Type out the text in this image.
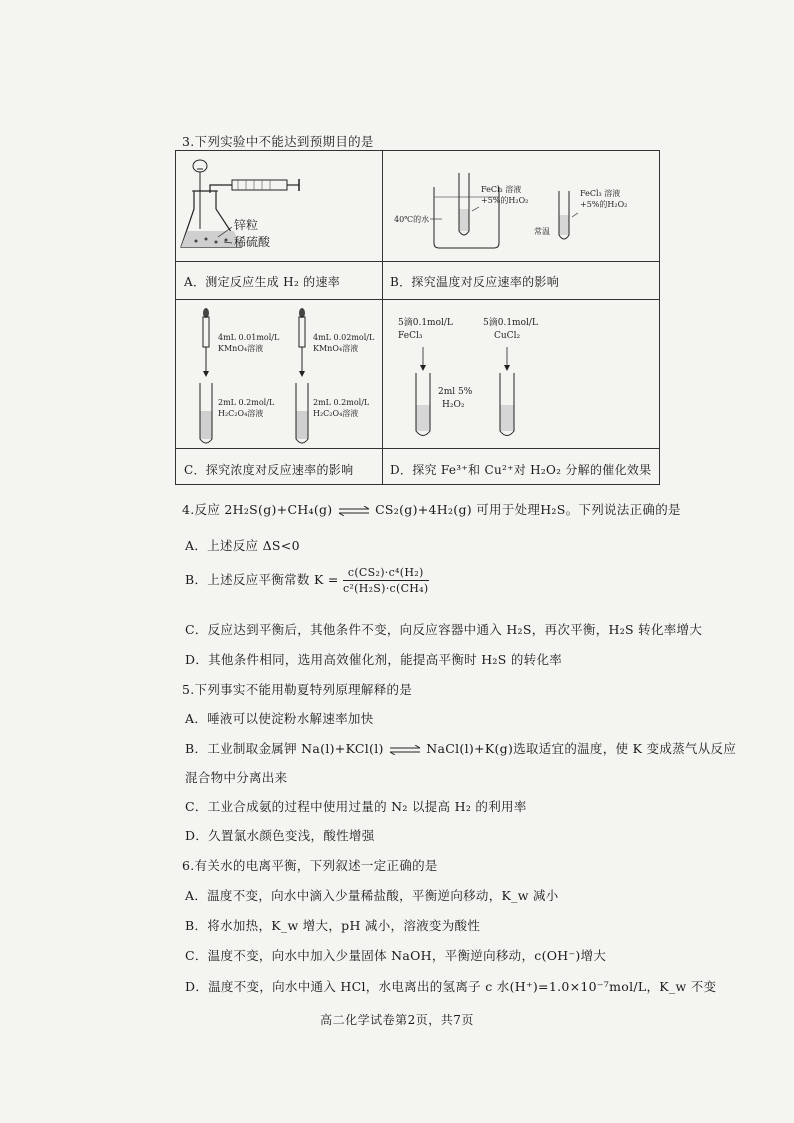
3.下列实验中不能达到预期目的是
锌粒
稀硫酸
40℃的水
FeCl₃ 溶液
+5%的H₂O₂
常温
FeCl₃ 溶液
+5%的H₂O₂
A．测定反应生成 H₂ 的速率	B．探究温度对反应速率的影响
4mL 0.01mol/L
KMnO₄溶液
2mL 0.2mol/L
H₂C₂O₄溶液
4mL 0.02mol/L
KMnO₄溶液
2mL 0.2mol/L
H₂C₂O₄溶液
5滴0.1mol/L
FeCl₃
5滴0.1mol/L
CuCl₂
2ml 5%
H₂O₂
C．探究浓度对反应速率的影响	D．探究 Fe³⁺和 Cu²⁺对 H₂O₂ 分解的催化效果
4.反应 2H₂S(g)+CH₄(g) ⇌ CS₂(g)+4H₂(g) 可用于处理H₂S。下列说法正确的是
A．上述反应 ΔS<0
B．上述反应平衡常数 $K = \frac{\text{c(CS₂)·c⁴(H₂)}}{\text{c²(H₂S)·c(CH₄)}}$
C．反应达到平衡后，其他条件不变，向反应容器中通入 H₂S，再次平衡，H₂S 转化率增大
D．其他条件相同，选用高效催化剂，能提高平衡时 H₂S 的转化率
5.下列事实不能用勒夏特列原理解释的是
A．唾液可以使淀粉水解速率加快
B．工业制取金属钾 Na(l)+KCl(l) ⇌ NaCl(l)+K(g)选取适宜的温度，使 K 变成蒸气从反应
混合物中分离出来
C．工业合成氨的过程中使用过量的 N₂ 以提高 H₂ 的利用率
D．久置氯水颜色变浅，酸性增强
6.有关水的电离平衡，下列叙述一定正确的是
A．温度不变，向水中滴入少量稀盐酸，平衡逆向移动，K_w 减小
B．将水加热，K_w 增大，pH 减小，溶液变为酸性
C．温度不变，向水中加入少量固体 NaOH，平衡逆向移动，c(OH⁻)增大
D．温度不变，向水中通入 HCl，水电离出的氢离子 c 水(H⁺)=1.0×10⁻⁷mol/L，K_w 不变
高二化学试卷第2页，共7页
